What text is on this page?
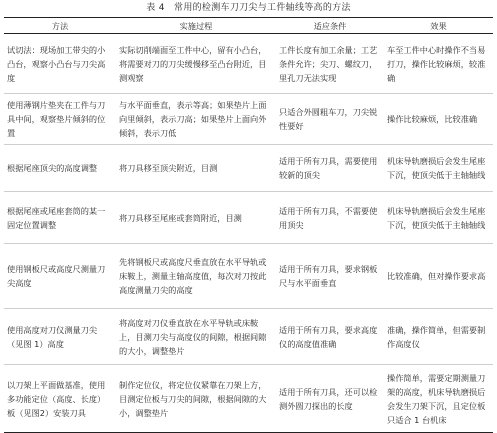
表 4　常用的检测车刀刀尖与工件轴线等高的方法
方法	实施过程	适应条件	效果
试切法：现场加工带尖的小凸台，观察小凸台与刀尖高度	实际切削端面至工件中心，留有小凸台，将需要对刀的刀尖缓慢移至凸台附近，目测观察	工件长度有加工余量；工艺条件允许；尖刀、螺纹刀，里孔刀无法实现	车至工件中心时操作不当易打刀，操作比较麻烦，较准确
使用薄钢片垫夹在工件与刀具中间，观察垫片倾斜的位置	与水平面垂直，表示等高；如果垫片上面向里倾斜，表示刀高；如果垫片上面向外倾斜，表示刀低	只适合外圆粗车刀，刀尖锐性要好	操作比较麻烦，比较准确
根据尾座顶尖的高度调整	将刀具移至顶尖附近，目测	适用于所有刀具，需要使用较新的顶尖	机床导轨磨损后会发生尾座下沉，使顶尖低于主轴轴线
根据尾座或尾座套筒的某一固定位置调整	将刀具移至尾座或套筒附近，目测	适用于所有刀具，不需要使用顶尖	机床导轨磨损后会发生尾座下沉，使顶尖低于主轴轴线
使用钢板尺或高度尺测量刀尖高度	先将钢板尺或高度尺垂直放在水平导轨或床鞍上，测量主轴高度值，每次对刀按此高度测量刀尖的高度	适用于所有刀具，要求钢板尺与水平面垂直	比较准确，但对操作要求高
使用高度对刀仪测量刀尖（见图 1）高度	将高度对刀仪垂直放在水平导轨或床鞍上，目测刀尖与高度仪的间隙，根据间隙的大小，调整垫片	适用于所有刀具，要求高度仪的高度值准确	准确，操作简单，但需要制作高度仪
以刀架上平面做基准，使用多功能定位（高度、长度）板（见图2）安装刀具	制作定位仪，将定位仪紧靠在刀架上方，目测定位板与刀尖的间隙，根据间隙的大小，调整垫片	适用于所有刀具，还可以检测外圆刀探出的长度	操作简单，需要定期测量刀架的高度，机床导轨磨损后会发生刀架下沉，且定位板只适合 1 台机床
